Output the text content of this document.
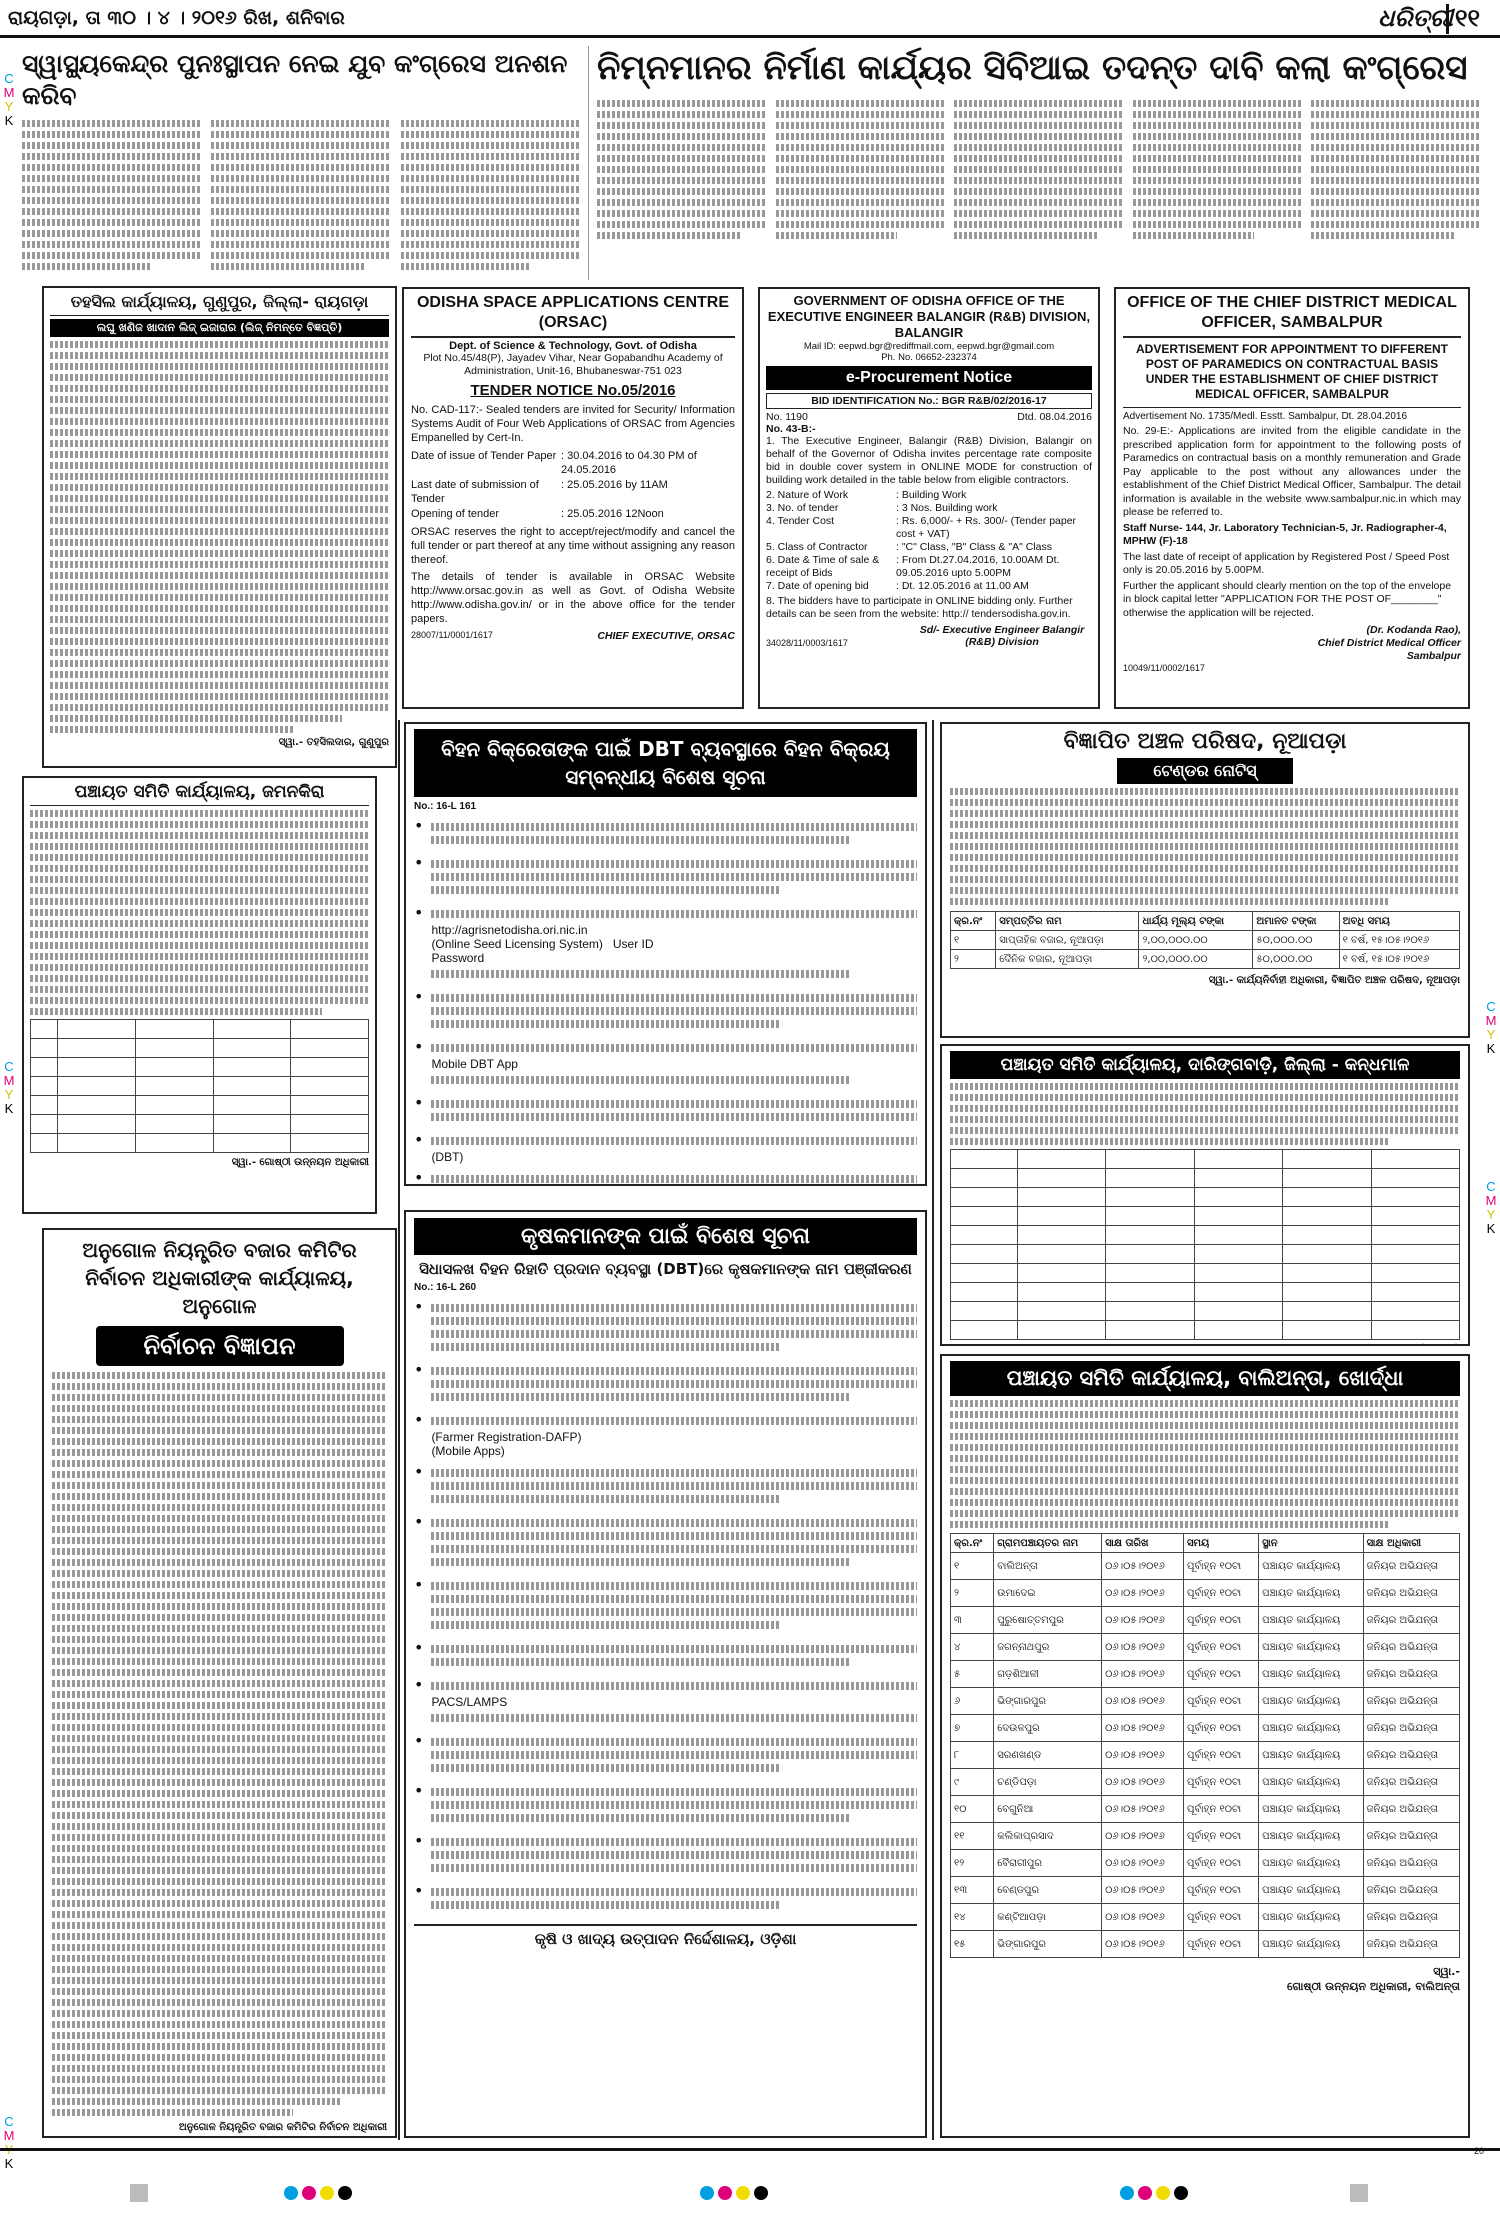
ରାୟଗଡ଼ା, ତା ୩୦ । ୪ । ୨୦୧୬ ରିଖ, ଶନିବାର	ଧରିତ୍ରୀ ୧୧
C
M
Y
K
C
M
Y
K
C
M
K
C
M
Y
K
C
M
Y
K
ସ୍ୱାସ୍ଥ୍ୟକେନ୍ଦ୍ର ପୁନଃସ୍ଥାପନ ନେଇ ଯୁବ କଂଗ୍ରେସ ଅନଶନ କରିବ
ନିମ୍ନମାନର ନିର୍ମାଣ କାର୍ଯ୍ୟର ସିବିଆଇ ତଦନ୍ତ ଦାବି କଲା କଂଗ୍ରେସ
ତହସିଲ କାର୍ଯ୍ୟାଳୟ, ଗୁଣୁପୁର, ଜିଲ୍ଲା- ରାୟଗଡ଼ା
ଲଘୁ ଖଣିଜ ଖାଦାନ ଲିଜ୍ ଇଜାରାର (ଲିଜ୍ ନିମନ୍ତେ ବିଜ୍ଞପ୍ତି)
ସ୍ୱା.- ତହସିଲଦାର, ଗୁଣୁପୁର
ODISHA SPACE APPLICATIONS CENTRE (ORSAC)
Dept. of Science & Technology, Govt. of Odisha
Plot No.45/48(P), Jayadev Vihar, Near Gopabandhu Academy of Administration, Unit-16, Bhubaneswar-751 023
TENDER NOTICE No.05/2016
No. CAD-117:- Sealed tenders are invited for Security/ Information Systems Audit of Four Web Applications of ORSAC from Agencies Empanelled by Cert-In.
Date of issue of Tender Paper : 30.04.2016 to 04.30 PM of 24.05.2016
Last date of submission of Tender
: 25.05.2016 by 11AM
Opening of tender	: 25.05.2016 12Noon
ORSAC reserves the right to accept/reject/modify and cancel the full tender or part thereof at any time without assigning any reason thereof.
The details of tender is available in ORSAC Website http://www.orsac.gov.in as well as Govt. of Odisha Website http://www.odisha.gov.in/ or in the above office for the tender papers.
28007/11/0001/1617	CHIEF EXECUTIVE, ORSAC
GOVERNMENT OF ODISHA OFFICE OF THE EXECUTIVE ENGINEER BALANGIR (R&B) DIVISION, BALANGIR
Mail ID: eepwd.bgr@rediffmail.com, eepwd.bgr@gmail.com
Ph. No. 06652-232374
e-Procurement Notice
BID IDENTIFICATION No.: BGR R&B/02/2016-17
No. 1190	Dtd. 08.04.2016
No. 43-B:-
1. The Executive Engineer, Balangir (R&B) Division, Balangir on behalf of the Governor of Odisha invites percentage rate composite bid in double cover system in ONLINE MODE for construction of building work detailed in the table below from eligible contractors.
2. Nature of Work	: Building Work
3. No. of tender	: 3 Nos. Building work
4. Tender Cost	: Rs. 6,000/- + Rs. 300/- (Tender paper cost + VAT)
5. Class of Contractor	: "C" Class, "B" Class & "A" Class
6. Date & Time of sale & receipt of Bids
: From Dt.27.04.2016, 10.00AM Dt. 09.05.2016 upto 5.00PM
7. Date of opening bid	: Dt. 12.05.2016 at 11.00 AM
8. The bidders have to participate in ONLINE bidding only. Further details can be seen from the website: http:// tendersodisha.gov.in.
34028/11/0003/1617
Sd/- Executive Engineer Balangir (R&B) Division
OFFICE OF THE CHIEF DISTRICT MEDICAL OFFICER, SAMBALPUR
ADVERTISEMENT FOR APPOINTMENT TO DIFFERENT POST OF PARAMEDICS ON CONTRACTUAL BASIS UNDER THE ESTABLISHMENT OF CHIEF DISTRICT MEDICAL OFFICER, SAMBALPUR
Advertisement No. 1735/Medl. Esstt. Sambalpur, Dt. 28.04.2016
No. 29-E:- Applications are invited from the eligible candidate in the prescribed application form for appointment to the following posts of Paramedics on contractual basis on a monthly remuneration and Grade Pay applicable to the post without any allowances under the establishment of the Chief District Medical Officer, Sambalpur. The detail information is available in the website www.sambalpur.nic.in which may please be referred to.
Staff Nurse- 144, Jr. Laboratory Technician-5, Jr. Radiographer-4, MPHW (F)-18
The last date of receipt of application by Registered Post / Speed Post only is 20.05.2016 by 5.00PM.
Further the applicant should clearly mention on the top of the envelope in block capital letter "APPLICATION FOR THE POST OF________" otherwise the application will be rejected.
(Dr. Kodanda Rao),
Chief District Medical Officer
Sambalpur
10049/11/0002/1617
ପଞ୍ଚାୟତ ସମିତି କାର୍ଯ୍ୟାଳୟ, ଜମନକିରା

ସ୍ୱା.- ଗୋଷ୍ଠୀ ଉନ୍ନୟନ ଅଧିକାରୀ
ଅନୁଗୋଳ ନିୟନ୍ତ୍ରିତ ବଜାର କମିଟିର ନିର୍ବାଚନ ଅଧିକାରୀଙ୍କ କାର୍ଯ୍ୟାଳୟ, ଅନୁଗୋଳ
ନିର୍ବାଚନ ବିଜ୍ଞାପନ
ଅନୁଗୋଳ ନିୟନ୍ତ୍ରିତ ବଜାର କମିଟିର ନିର୍ବାଚନ ଅଧିକାରୀ
ବିହନ ବିକ୍ରେତାଙ୍କ ପାଇଁ DBT ବ୍ୟବସ୍ଥାରେ ବିହନ ବିକ୍ରୟ ସମ୍ବନ୍ଧୀୟ ବିଶେଷ ସୂଚନା
No.: 16-L 161
•
•
•
http://agrisnetodisha.ori.nic.in
(Online Seed Licensing System) User ID
Password
•
•
Mobile DBT App
•
•
(DBT)
•
ବିଜ୍ଞାପିତ ଅଞ୍ଚଳ ପରିଷଦ, ନୂଆପଡ଼ା
ଟେଣ୍ଡର ନୋଟିସ୍
କ୍ର.ନଂ	ସମ୍ପତ୍ତିର ନାମ	ଧାର୍ଯ୍ୟ ମୂଲ୍ୟ ଟଙ୍କା	ଅମାନତ ଟଙ୍କା	ଅବଧି ସମୟ
୧	ସାପ୍ତାହିକ ବଜାର, ନୂଆପଡ଼ା	୨,୦୦,୦୦୦.୦୦	୫୦,୦୦୦.୦୦	୧ ବର୍ଷ, ୧୫।୦୫।୨୦୧୬
୨	ଦୈନିକ ବଜାର, ନୂଆପଡ଼ା	୨,୦୦,୦୦୦.୦୦	୫୦,୦୦୦.୦୦	୧ ବର୍ଷ, ୧୫।୦୫।୨୦୧୬
ସ୍ୱା.- କାର୍ଯ୍ୟନିର୍ବାହୀ ଅଧିକାରୀ, ବିଜ୍ଞାପିତ ଅଞ୍ଚଳ ପରିଷଦ, ନୂଆପଡ଼ା
ପଞ୍ଚାୟତ ସମିତି କାର୍ଯ୍ୟାଳୟ, ଦାରିଙ୍ଗବାଡ଼ି, ଜିଲ୍ଲା - କନ୍ଧମାଳ

କୃଷକମାନଙ୍କ ପାଇଁ ବିଶେଷ ସୂଚନା
ସିଧାସଳଖ ବିହନ ରିହାତି ପ୍ରଦାନ ବ୍ୟବସ୍ଥା (DBT)ରେ କୃଷକମାନଙ୍କ ନାମ ପଞ୍ଜୀକରଣ
No.: 16-L 260
•
•
•
(Farmer Registration-DAFP)
(Mobile Apps)
•
•
•
•
•
PACS/LAMPS
•
•
•
•
କୃଷି ଓ ଖାଦ୍ୟ ଉତ୍ପାଦନ ନିର୍ଦ୍ଦେଶାଳୟ, ଓଡ଼ିଶା
ପଞ୍ଚାୟତ ସମିତି କାର୍ଯ୍ୟାଳୟ, ବାଲିଅନ୍ତା, ଖୋର୍ଦ୍ଧା
କ୍ର.ନଂ	ଗ୍ରାମପଞ୍ଚାୟତର ନାମ	ସାକ୍ଷ ତାରିଖ	ସମୟ	ସ୍ଥାନ	ସାକ୍ଷ ଅଧିକାରୀ
୧	ବାଲିଅନ୍ତା	୦୬।୦୫।୨୦୧୬	ପୂର୍ବାହ୍ନ ୧୦ଟା	ପଞ୍ଚାୟତ କାର୍ଯ୍ୟାଳୟ	ଜନିୟର ଅଭିଯନ୍ତା
୨	ଉମାଦେଇ	୦୬।୦୫।୨୦୧୬	ପୂର୍ବାହ୍ନ ୧୦ଟା	ପଞ୍ଚାୟତ କାର୍ଯ୍ୟାଳୟ	ଜନିୟର ଅଭିଯନ୍ତା
୩	ପୁରୁଷୋତ୍ତମପୁର	୦୬।୦୫।୨୦୧୬	ପୂର୍ବାହ୍ନ ୧୦ଟା	ପଞ୍ଚାୟତ କାର୍ଯ୍ୟାଳୟ	ଜନିୟର ଅଭିଯନ୍ତା
୪	ଜଗନ୍ନାଥପୁର	୦୬।୦୫।୨୦୧୬	ପୂର୍ବାହ୍ନ ୧୦ଟା	ପଞ୍ଚାୟତ କାର୍ଯ୍ୟାଳୟ	ଜନିୟର ଅଭିଯନ୍ତା
୫	ଗଡ଼ଶିଆଳୀ	୦୬।୦୫।୨୦୧୬	ପୂର୍ବାହ୍ନ ୧୦ଟା	ପଞ୍ଚାୟତ କାର୍ଯ୍ୟାଳୟ	ଜନିୟର ଅଭିଯନ୍ତା
୬	ଭିଙ୍ଗାରପୁର	୦୬।୦୫।୨୦୧୬	ପୂର୍ବାହ୍ନ ୧୦ଟା	ପଞ୍ଚାୟତ କାର୍ଯ୍ୟାଳୟ	ଜନିୟର ଅଭିଯନ୍ତା
୭	ଦେଉଳପୁର	୦୬।୦୫।୨୦୧୬	ପୂର୍ବାହ୍ନ ୧୦ଟା	ପଞ୍ଚାୟତ କାର୍ଯ୍ୟାଳୟ	ଜନିୟର ଅଭିଯନ୍ତା
୮	ସରଣଖଣ୍ଡ	୦୬।୦୫।୨୦୧୬	ପୂର୍ବାହ୍ନ ୧୦ଟା	ପଞ୍ଚାୟତ କାର୍ଯ୍ୟାଳୟ	ଜନିୟର ଅଭିଯନ୍ତା
୯	ଚଣ୍ଡିପଡ଼ା	୦୬।୦୫।୨୦୧୬	ପୂର୍ବାହ୍ନ ୧୦ଟା	ପଞ୍ଚାୟତ କାର୍ଯ୍ୟାଳୟ	ଜନିୟର ଅଭିଯନ୍ତା
୧୦	ବେଗୁନିଆ	୦୬।୦୫।୨୦୧୬	ପୂର୍ବାହ୍ନ ୧୦ଟା	ପଞ୍ଚାୟତ କାର୍ଯ୍ୟାଳୟ	ଜନିୟର ଅଭିଯନ୍ତା
୧୧	କଲିକାପ୍ରସାଦ	୦୬।୦୫।୨୦୧୬	ପୂର୍ବାହ୍ନ ୧୦ଟା	ପଞ୍ଚାୟତ କାର୍ଯ୍ୟାଳୟ	ଜନିୟର ଅଭିଯନ୍ତା
୧୨	ବୈରାଗୀପୁର	୦୬।୦୫।୨୦୧୬	ପୂର୍ବାହ୍ନ ୧୦ଟା	ପଞ୍ଚାୟତ କାର୍ଯ୍ୟାଳୟ	ଜନିୟର ଅଭିଯନ୍ତା
୧୩	ବେଣ୍ଡପୁର	୦୬।୦୫।୨୦୧୬	ପୂର୍ବାହ୍ନ ୧୦ଟା	ପଞ୍ଚାୟତ କାର୍ଯ୍ୟାଳୟ	ଜନିୟର ଅଭିଯନ୍ତା
୧୪	କଣ୍ଟିଆପଡ଼ା	୦୬।୦୫।୨୦୧୬	ପୂର୍ବାହ୍ନ ୧୦ଟା	ପଞ୍ଚାୟତ କାର୍ଯ୍ୟାଳୟ	ଜନିୟର ଅଭିଯନ୍ତା
୧୫	ଭିଙ୍ଗାରପୁର	୦୬।୦୫।୨୦୧୬	ପୂର୍ବାହ୍ନ ୧୦ଟା	ପଞ୍ଚାୟତ କାର୍ଯ୍ୟାଳୟ	ଜନିୟର ଅଭିଯନ୍ତା
ସ୍ୱା.-
ଗୋଷ୍ଠୀ ଉନ୍ନୟନ ଅଧିକାରୀ, ବାଲିଅନ୍ତା
20
